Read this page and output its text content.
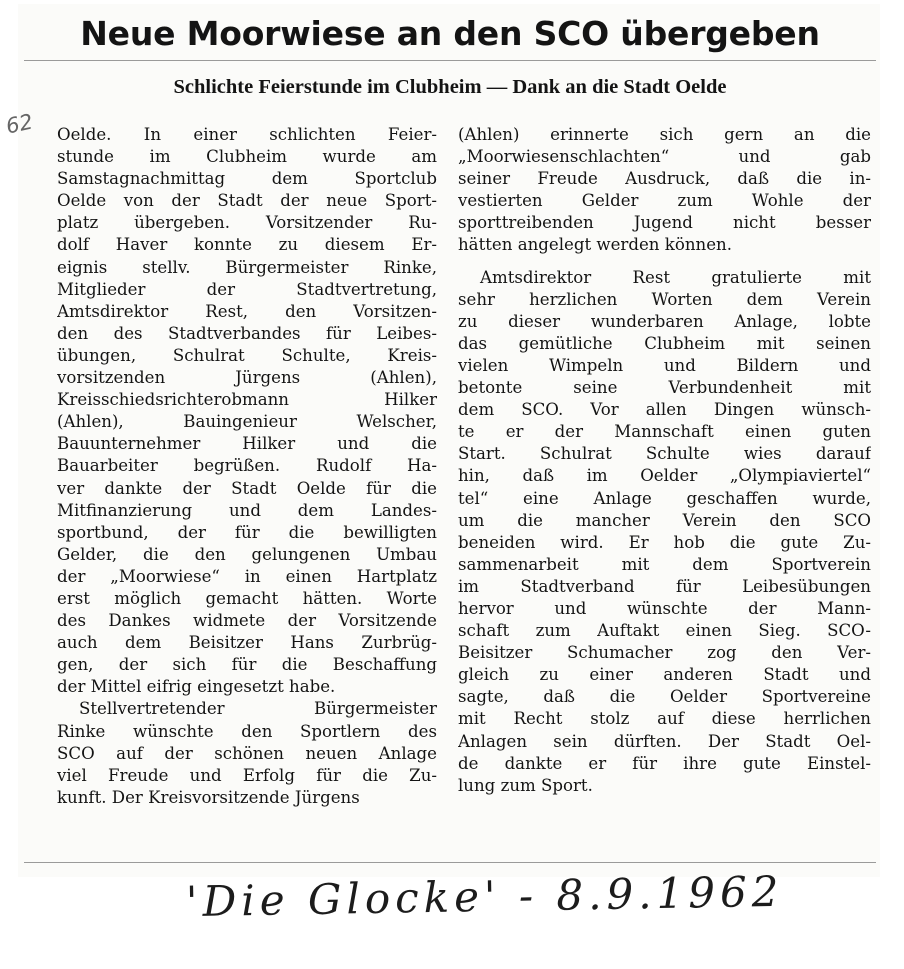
Neue Moorwiese an den SCO übergeben
Schlichte Feierstunde im Clubheim — Dank an die Stadt Oelde
62 Oelde. In einer schlichten Feier-
stunde im Clubheim wurde am
Samstagnachmittag dem Sportclub
Oelde von der Stadt der neue Sport-
platz übergeben. Vorsitzender Ru-
dolf Haver konnte zu diesem Er-
eignis stellv. Bürgermeister Rinke,
Mitglieder der Stadtvertretung,
Amtsdirektor Rest, den Vorsitzen-
den des Stadtverbandes für Leibes-
übungen, Schulrat Schulte, Kreis-
vorsitzenden Jürgens (Ahlen),
Kreisschiedsrichterobmann Hilker
(Ahlen), Bauingenieur Welscher,
Bauunternehmer Hilker und die
Bauarbeiter begrüßen. Rudolf Ha-
ver dankte der Stadt Oelde für die
Mitfinanzierung und dem Landes-
sportbund, der für die bewilligten
Gelder, die den gelungenen Umbau
der „Moorwiese“ in einen Hartplatz
erst möglich gemacht hätten. Worte
des Dankes widmete der Vorsitzende
auch dem Beisitzer Hans Zurbrüg-
gen, der sich für die Beschaffung
der Mittel eifrig eingesetzt habe.
Stellvertretender Bürgermeister
Rinke wünschte den Sportlern des
SCO auf der schönen neuen Anlage
viel Freude und Erfolg für die Zu-
kunft. Der Kreisvorsitzende Jürgens
(Ahlen) erinnerte sich gern an die
„Moorwiesenschlachten“ und gab
seiner Freude Ausdruck, daß die in-
vestierten Gelder zum Wohle der
sporttreibenden Jugend nicht besser
hätten angelegt werden können.
Amtsdirektor Rest gratulierte mit
sehr herzlichen Worten dem Verein
zu dieser wunderbaren Anlage, lobte
das gemütliche Clubheim mit seinen
vielen Wimpeln und Bildern und
betonte seine Verbundenheit mit
dem SCO. Vor allen Dingen wünsch-
te er der Mannschaft einen guten
Start. Schulrat Schulte wies darauf
hin, daß im Oelder „Olympiaviertel“
tel“ eine Anlage geschaffen wurde,
um die mancher Verein den SCO
beneiden wird. Er hob die gute Zu-
sammenarbeit mit dem Sportverein
im Stadtverband für Leibesübungen
hervor und wünschte der Mann-
schaft zum Auftakt einen Sieg. SCO-
Beisitzer Schumacher zog den Ver-
gleich zu einer anderen Stadt und
sagte, daß die Oelder Sportvereine
mit Recht stolz auf diese herrlichen
Anlagen sein dürften. Der Stadt Oel-
de dankte er für ihre gute Einstel-
lung zum Sport.
'Die Glocke' - 8.9.1962
